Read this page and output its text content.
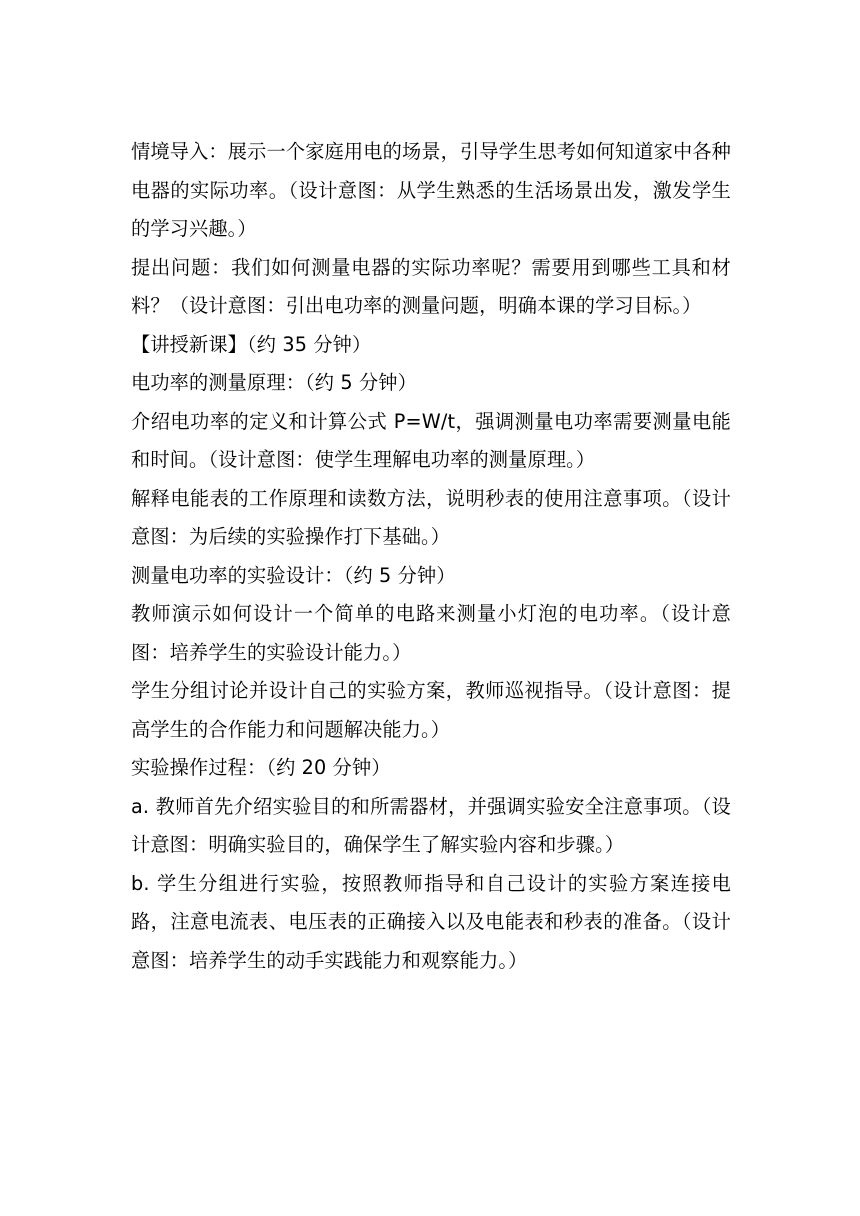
情境导入：展示一个家庭用电的场景，引导学生思考如何知道家中各种电器的实际功率。（设计意图：从学生熟悉的生活场景出发，激发学生的学习兴趣。）

提出问题：我们如何测量电器的实际功率呢？需要用到哪些工具和材料？（设计意图：引出电功率的测量问题，明确本课的学习目标。）

【讲授新课】（约 35 分钟）

电功率的测量原理：（约 5 分钟）

介绍电功率的定义和计算公式 P=W/t，强调测量电功率需要测量电能和时间。（设计意图：使学生理解电功率的测量原理。）

解释电能表的工作原理和读数方法，说明秒表的使用注意事项。（设计意图：为后续的实验操作打下基础。）

测量电功率的实验设计：（约 5 分钟）

教师演示如何设计一个简单的电路来测量小灯泡的电功率。（设计意图：培养学生的实验设计能力。）

学生分组讨论并设计自己的实验方案，教师巡视指导。（设计意图：提高学生的合作能力和问题解决能力。）

实验操作过程：（约 20 分钟）

a. 教师首先介绍实验目的和所需器材，并强调实验安全注意事项。（设计意图：明确实验目的，确保学生了解实验内容和步骤。）

b. 学生分组进行实验，按照教师指导和自己设计的实验方案连接电路，注意电流表、电压表的正确接入以及电能表和秒表的准备。（设计意图：培养学生的动手实践能力和观察能力。）
